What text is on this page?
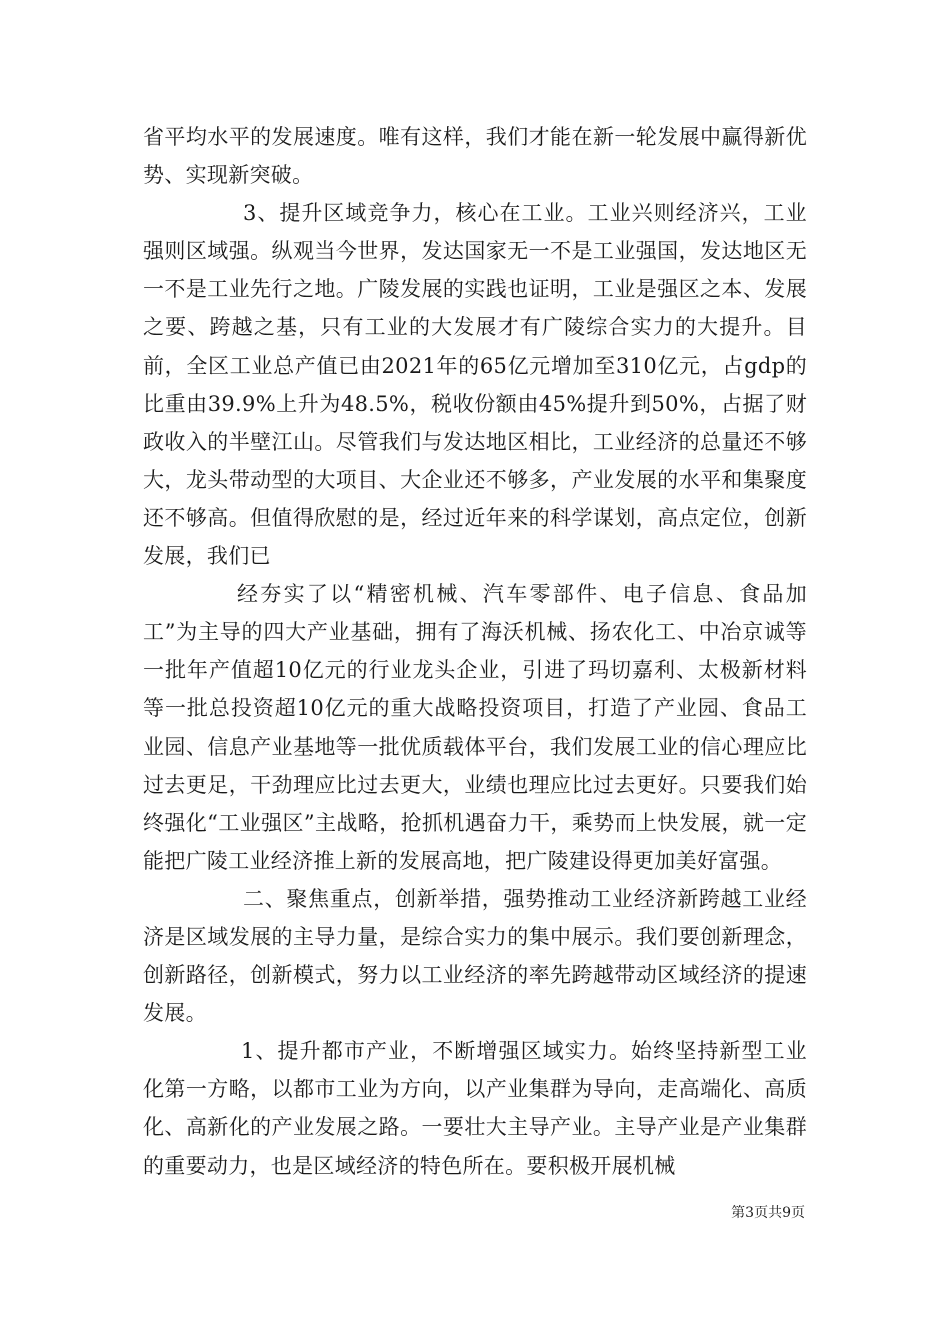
省平均水平的发展速度。唯有这样，我们才能在新一轮发展中赢得新优势、实现新突破。

3、提升区域竞争力，核心在工业。工业兴则经济兴，工业强则区域强。纵观当今世界，发达国家无一不是工业强国，发达地区无一不是工业先行之地。广陵发展的实践也证明，工业是强区之本、发展之要、跨越之基，只有工业的大发展才有广陵综合实力的大提升。目前，全区工业总产值已由2021年的65亿元增加至310亿元，占gdp的比重由39.9%上升为48.5%，税收份额由45%提升到50%，占据了财政收入的半壁江山。尽管我们与发达地区相比，工业经济的总量还不够大，龙头带动型的大项目、大企业还不够多，产业发展的水平和集聚度还不够高。但值得欣慰的是，经过近年来的科学谋划，高点定位，创新发展，我们已

经夯实了以“精密机械、汽车零部件、电子信息、食品加工”为主导的四大产业基础，拥有了海沃机械、扬农化工、中冶京诚等一批年产值超10亿元的行业龙头企业，引进了玛切嘉利、太极新材料等一批总投资超10亿元的重大战略投资项目，打造了产业园、食品工业园、信息产业基地等一批优质载体平台，我们发展工业的信心理应比过去更足，干劲理应比过去更大，业绩也理应比过去更好。只要我们始终强化“工业强区”主战略，抢抓机遇奋力干，乘势而上快发展，就一定能把广陵工业经济推上新的发展高地，把广陵建设得更加美好富强。

二、聚焦重点，创新举措，强势推动工业经济新跨越工业经济是区域发展的主导力量，是综合实力的集中展示。我们要创新理念，创新路径，创新模式，努力以工业经济的率先跨越带动区域经济的提速发展。

1、提升都市产业，不断增强区域实力。始终坚持新型工业化第一方略，以都市工业为方向，以产业集群为导向，走高端化、高质化、高新化的产业发展之路。一要壮大主导产业。主导产业是产业集群的重要动力，也是区域经济的特色所在。要积极开展机械

第3页共9页
